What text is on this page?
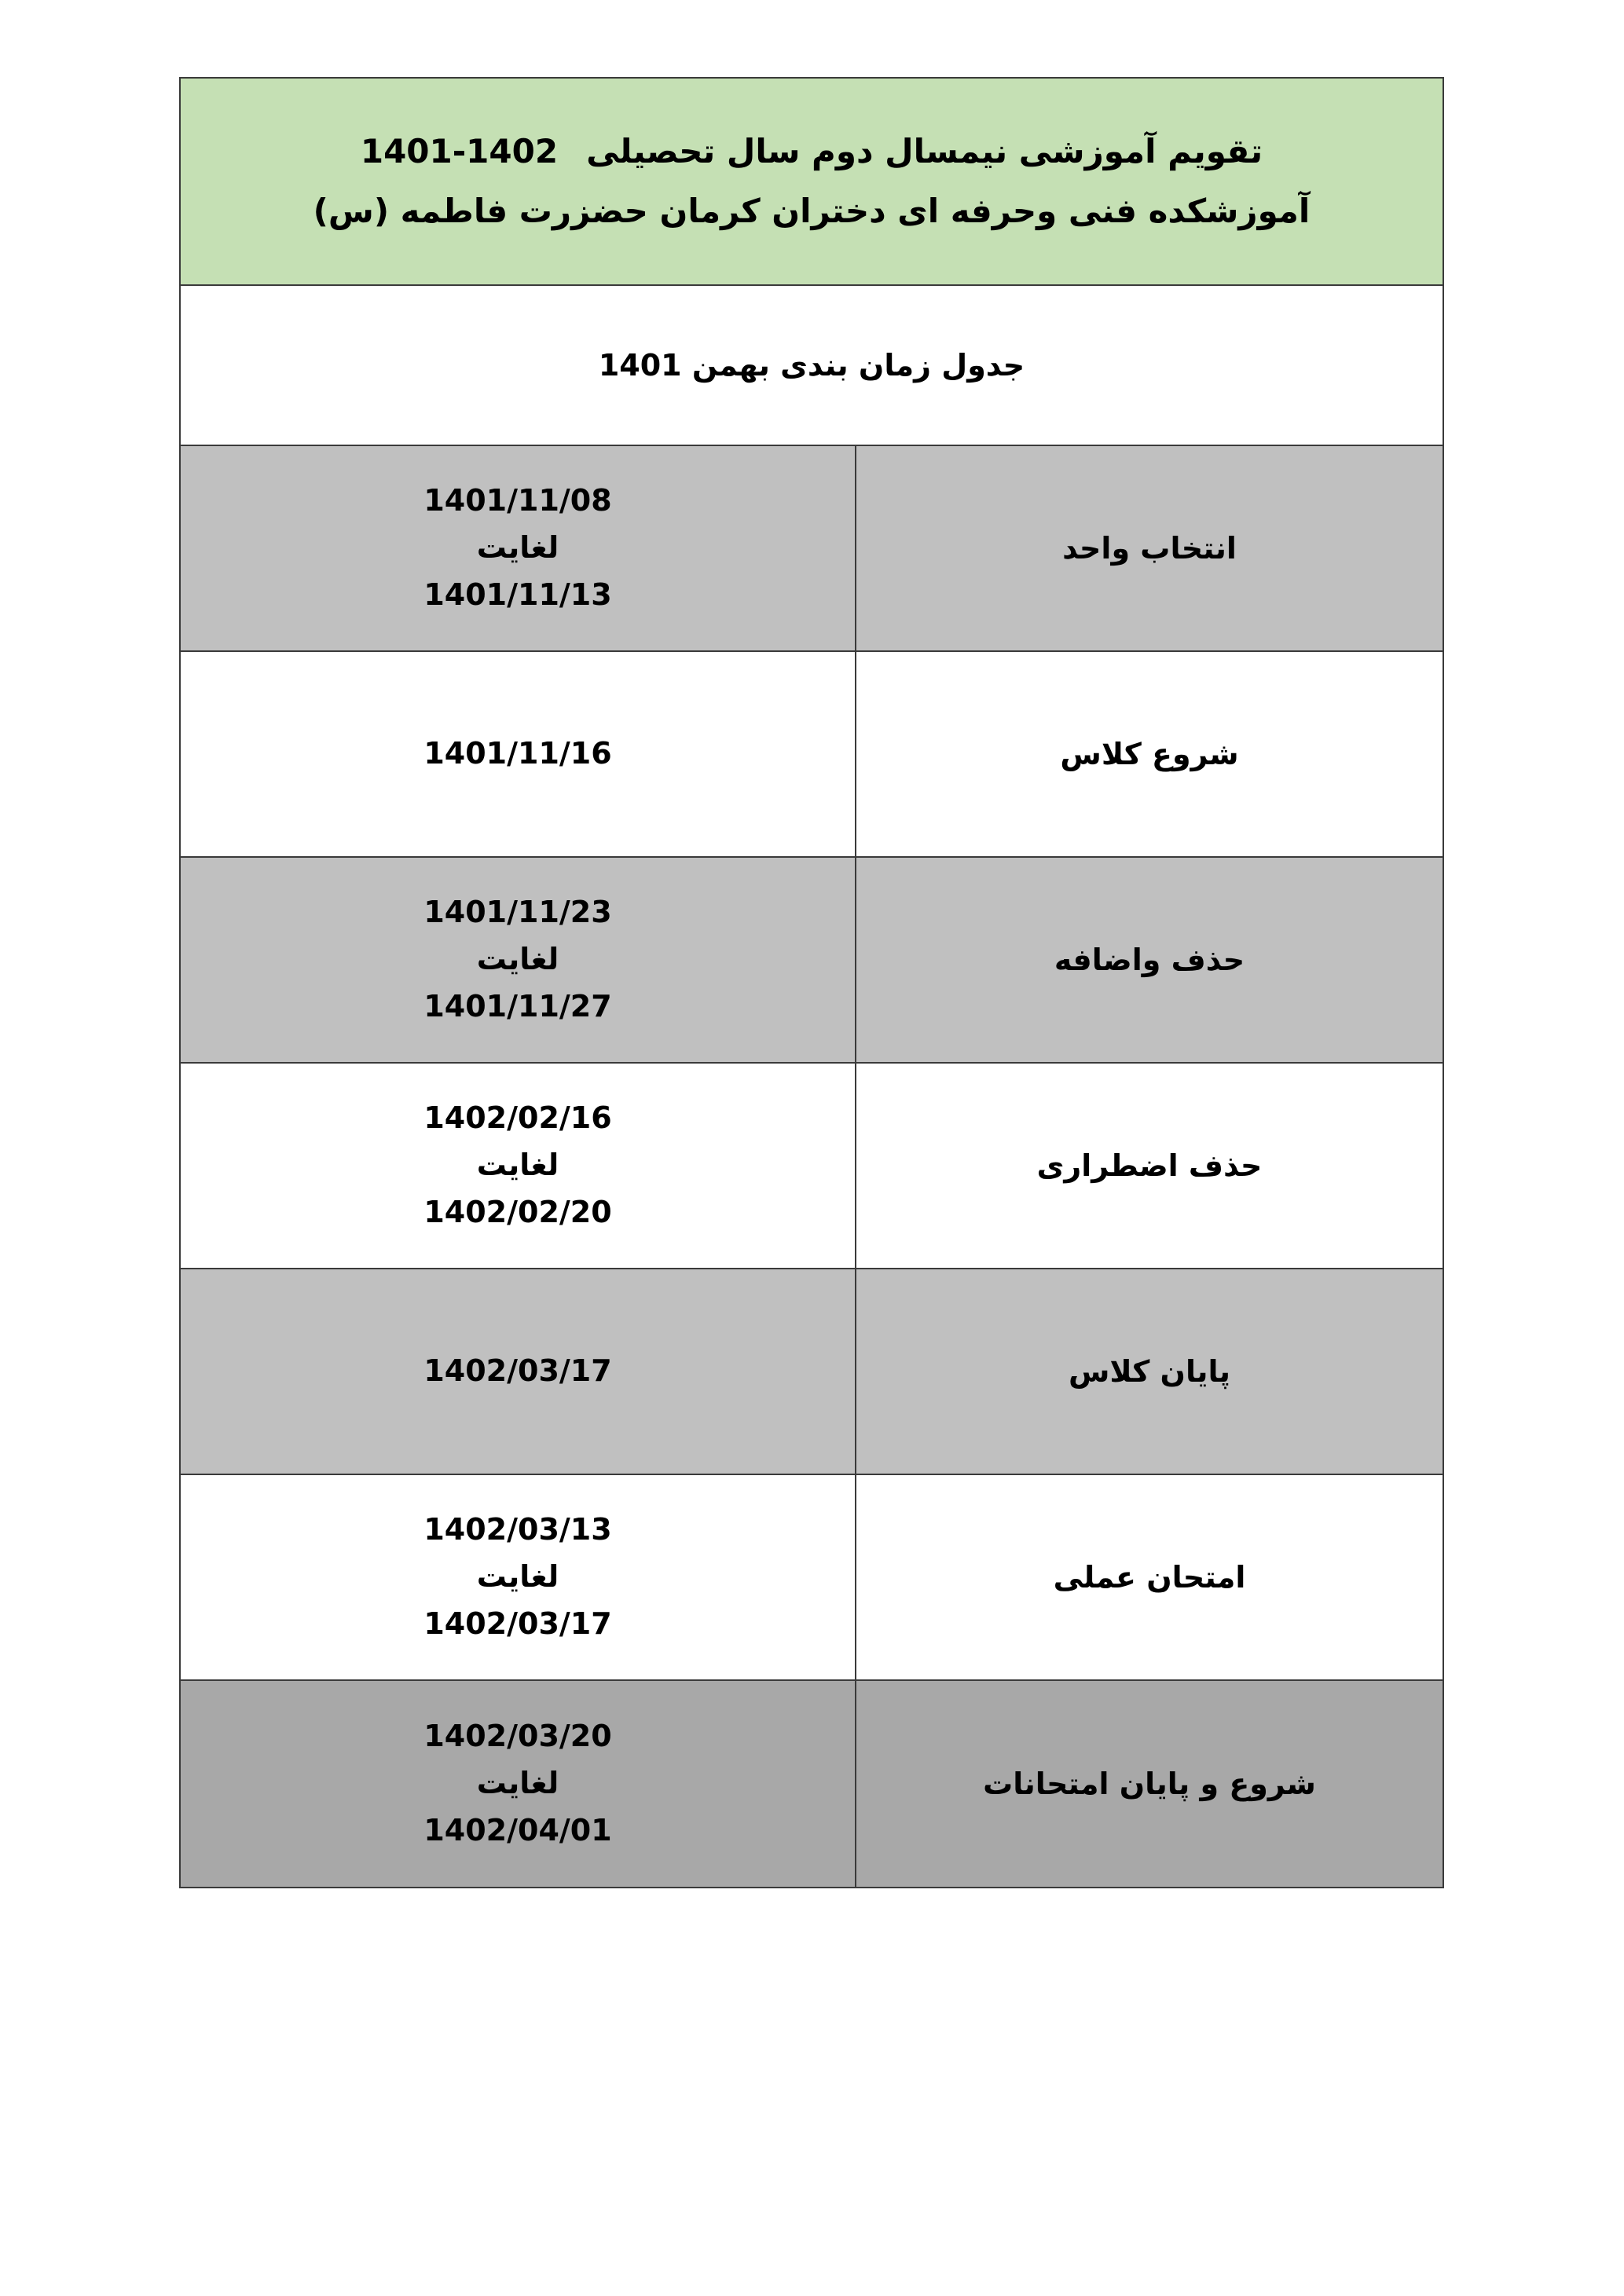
تقویم آموزشی نیمسال دوم سال تحصیلی1401-1402
آموزشکده فنی وحرفه ای دختران کرمان حضزرت فاطمه (س)
جدول زمان بندی بهمن 1401
انتخاب واحد
1401/11/08
لغایت
1401/11/13
شروع کلاس
1401/11/16
حذف واضافه
1401/11/23
لغایت
1401/11/27
حذف اضطراری
1402/02/16
لغایت
1402/02/20
پایان کلاس
1402/03/17
امتحان عملی
1402/03/13
لغایت
1402/03/17
شروع و پایان امتحانات
1402/03/20
لغایت
1402/04/01
